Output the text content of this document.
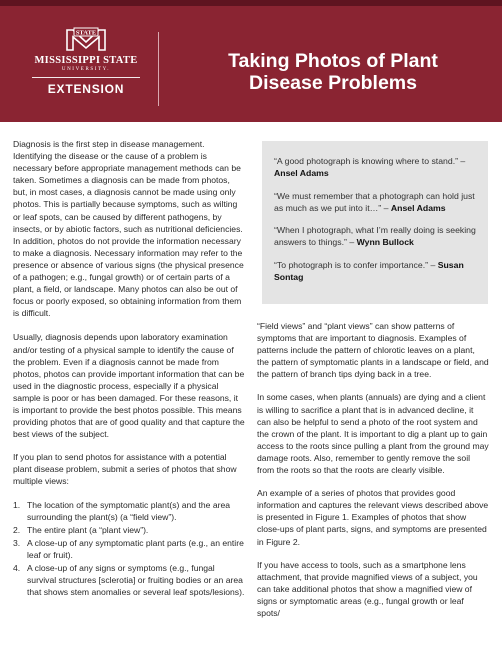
STATE
MISSISSIPPI STATE
UNIVERSITY.
EXTENSION
Taking Photos of Plant
Disease Problems

Diagnosis is the first step in disease management. Identifying the disease or the cause of a problem is necessary before appropriate management methods can be taken. Sometimes a diagnosis can be made from photos, but, in most cases, a diagnosis cannot be made using only photos. This is partially because symptoms, such as wilting or leaf spots, can be caused by different pathogens, by insects, or by abiotic factors, such as nutritional deficiencies. In addition, photos do not provide the information necessary to make a diagnosis. Necessary information may refer to the presence or absence of various signs (the physical presence of a pathogen; e.g., fungal growth) or of certain parts of a plant, a field, or landscape. Many photos can also be out of focus or poorly exposed, so obtaining information from them is difficult.

Usually, diagnosis depends upon laboratory examination and/or testing of a physical sample to identify the cause of the problem. Even if a diagnosis cannot be made from photos, photos can provide important information that can be used in the diagnostic process, especially if a physical sample is poor or has been damaged. For these reasons, it is important to provide the best photos possible. This means providing photos that are of good quality and that capture the best views of the subject.

If you plan to send photos for assistance with a potential plant disease problem, submit a series of photos that show multiple views:

1. The location of the symptomatic plant(s) and the area surrounding the plant(s) (a “field view”).
2. The entire plant (a “plant view”).
3. A close-up of any symptomatic plant parts (e.g., an entire leaf or fruit).
4. A close-up of any signs or symptoms (e.g., fungal survival structures [sclerotia] or fruiting bodies or an area that shows stem anomalies or several leaf spots/lesions).

“A good photograph is knowing where to stand.” – Ansel Adams

“We must remember that a photograph can hold just as much as we put into it…” – Ansel Adams

“When I photograph, what I’m really doing is seeking answers to things.” – Wynn Bullock

“To photograph is to confer importance.” – Susan Sontag

“Field views” and “plant views” can show patterns of symptoms that are important to diagnosis. Examples of patterns include the pattern of chlorotic leaves on a plant, the pattern of symptomatic plants in a landscape or field, and the pattern of branch tips dying back in a tree.

In some cases, when plants (annuals) are dying and a client is willing to sacrifice a plant that is in advanced decline, it can also be helpful to send a photo of the root system and the crown of the plant. It is important to dig a plant up to gain access to the roots since pulling a plant from the ground may damage roots. Also, remember to gently remove the soil from the roots so that the roots are clearly visible.

An example of a series of photos that provides good information and captures the relevant views described above is presented in Figure 1. Examples of photos that show close-ups of plant parts, signs, and symptoms are presented in Figure 2.

If you have access to tools, such as a smartphone lens attachment, that provide magnified views of a subject, you can take additional photos that show a magnified view of signs or symptomatic areas (e.g., fungal growth or leaf spots/
